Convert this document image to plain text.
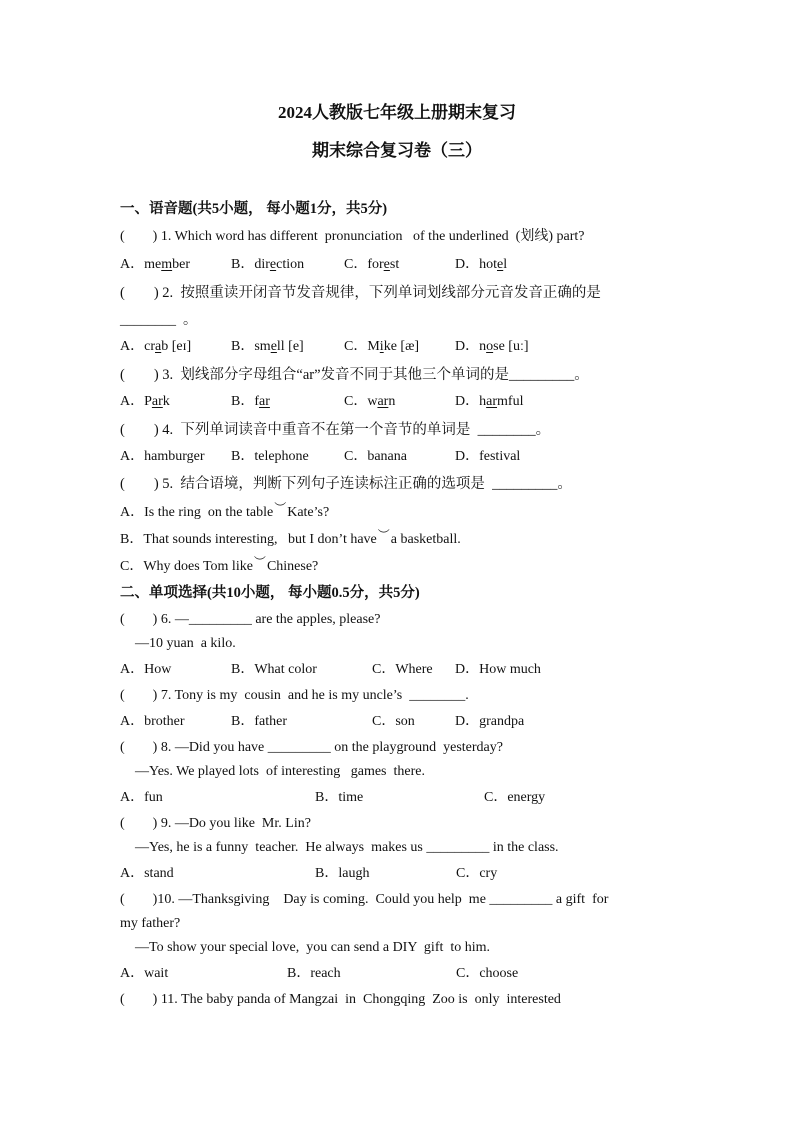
2024人教版七年级上册期末复习
期末综合复习卷（三）
一、语音题(共5小题， 每小题1分，共5分)
(        ) 1. Which word has different  pronunciation   of the underlined  (划线) part?
A．member	B．direction	C．forest	D．hotel
(        ) 2.  按照重读开闭音节发音规律，下列单词划线部分元音发音正确的是
________  。
A．crab [eɪ]	B．smell [e]	C．Mike [æ]	D．nose [uː]
(        ) 3.  划线部分字母组合“ar”发音不同于其他三个单词的是_________。
A．Park	B．far	C．warn	D．harmful
(        ) 4.  下列单词读音中重音不在第一个音节的单词是  ________。
A．hamburger B．telephone	C．banana	D．festival
(        ) 5.  结合语境，判断下列句子连读标注正确的选项是  _________。
A．Is the ring  on the table︶Kate’s?
B．That sounds interesting,   but I don’t have︶a basketball.
C．Why does Tom like︶Chinese?
二、单项选择(共10小题， 每小题0.5分，共5分)
(        ) 6. —_________ are the apples, please?
—10 yuan  a kilo.
A．How	B．What color	C．Where D．How much
(        ) 7. Tony is my  cousin  and he is my uncle’s  ________.
A．brother	B．father	C．son	D．grandpa
(        ) 8. —Did you have _________ on the playground  yesterday?
—Yes. We played lots  of interesting   games  there.
A．fun	B．time	C．energy
(        ) 9. —Do you like  Mr. Lin?
—Yes, he is a funny  teacher.  He always  makes us _________ in the class.
A．stand	B．laugh	C．cry
(        )10. —Thanksgiving    Day is coming.  Could you help  me _________ a gift  for
my father?
—To show your special love,  you can send a DIY  gift  to him.
A．wait	B．reach	C．choose
(        ) 11. The baby panda of Mangzai  in  Chongqing  Zoo is  only  interested
